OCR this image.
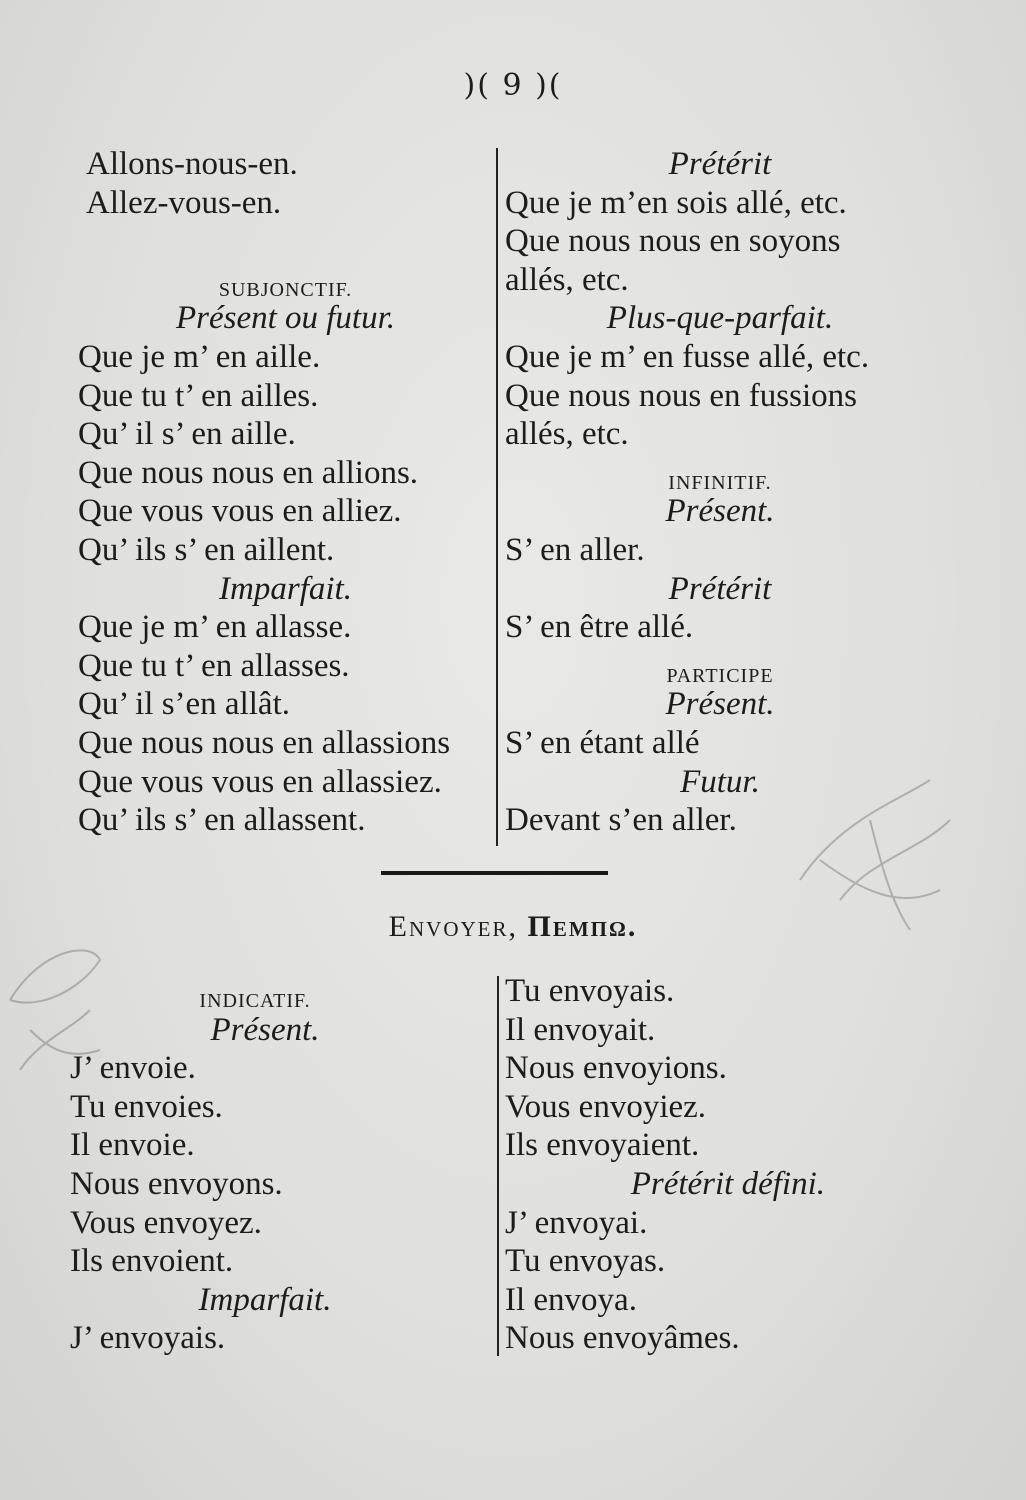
)( 9 )(
Allons-nous-en.
Allez-vous-en.
SUBJONCTIF.
Présent ou futur.
Que je m’ en aille.
Que tu t’ en ailles.
Qu’ il s’ en aille.
Que nous nous en allions.
Que vous vous en alliez.
Qu’ ils s’ en aillent.
Imparfait.
Que je m’ en allasse.
Que tu t’ en allasses.
Qu’ il s’en allât.
Que nous nous en allassions
Que vous vous en allassiez.
Qu’ ils s’ en allassent.
Prétérit
Que je m’en sois allé, etc.
Que nous nous en soyons
allés, etc.
Plus-que-parfait.
Que je m’ en fusse allé, etc.
Que nous nous en fussions
allés, etc.
INFINITIF.
Présent.
S’ en aller.
Prétérit
S’ en être allé.
PARTICIPE
Présent.
S’ en étant allé
Futur.
Devant s’en aller.
Envoyer, Пемпω.
INDICATIF.
Présent.
J’ envoie.
Tu envoies.
Il envoie.
Nous envoyons.
Vous envoyez.
Ils envoient.
Imparfait.
J’ envoyais.
Tu envoyais.
Il envoyait.
Nous envoyions.
Vous envoyiez.
Ils envoyaient.
Prétérit défini.
J’ envoyai.
Tu envoyas.
Il envoya.
Nous envoyâmes.
